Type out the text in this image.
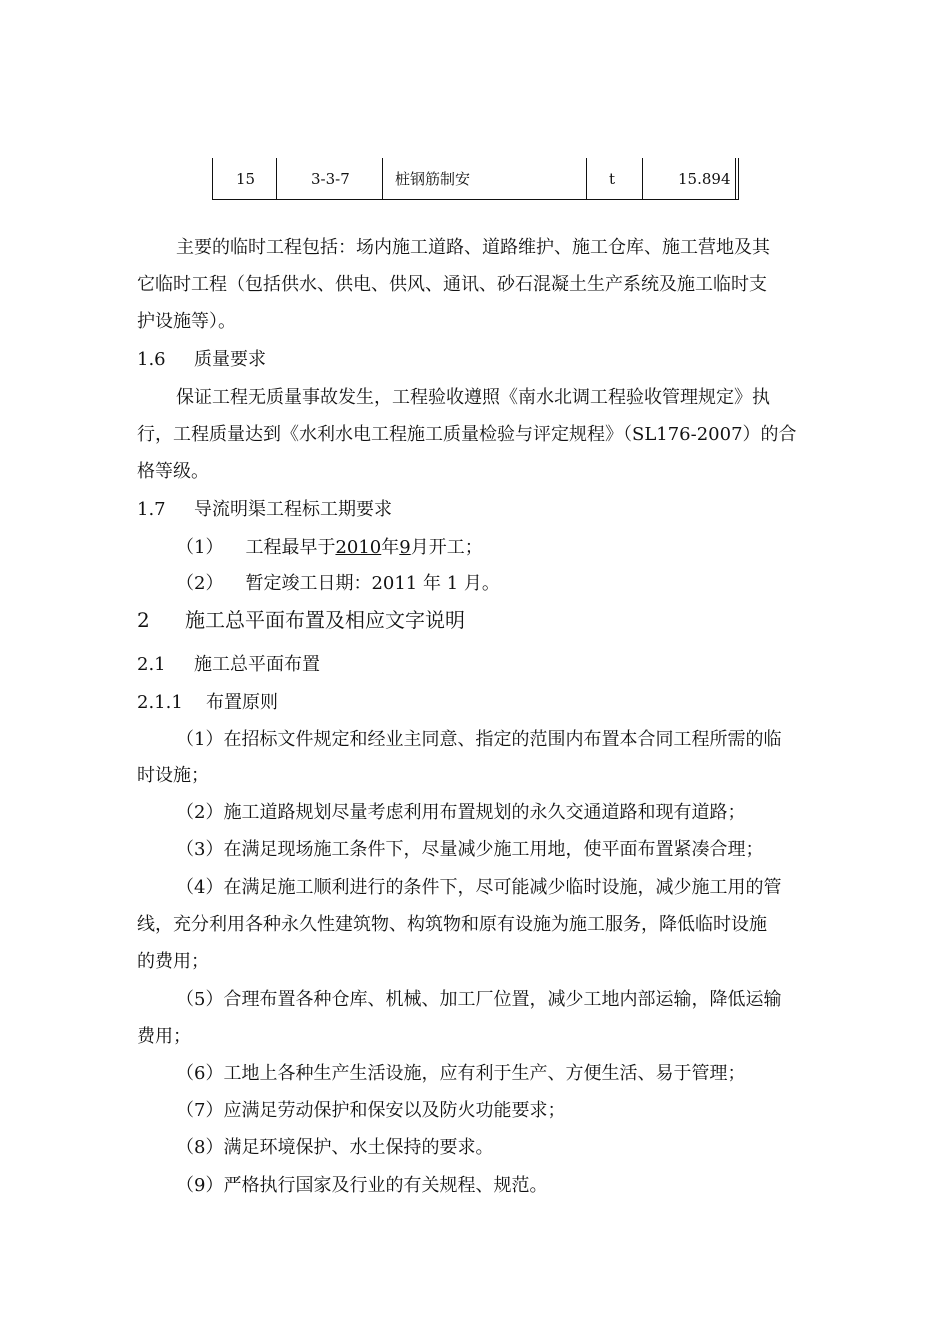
15	3-3-7	桩钢筋制安	t	15.894
主要的临时工程包括：场内施工道路、道路维护、施工仓库、施工营地及其
它临时工程（包括供水、供电、供风、通讯、砂石混凝土生产系统及施工临时支
护设施等）。
1.6 质量要求
保证工程无质量事故发生，工程验收遵照《南水北调工程验收管理规定》执
行，工程质量达到《水利水电工程施工质量检验与评定规程》（SL176-2007）的合
格等级。
1.7 导流明渠工程标工期要求
（1） 工程最早于2010年9月开工；
（2） 暂定竣工日期：2011 年 1 月。
2 施工总平面布置及相应文字说明
2.1 施工总平面布置
2.1.1 布置原则
（1）在招标文件规定和经业主同意、指定的范围内布置本合同工程所需的临
时设施；
（2）施工道路规划尽量考虑利用布置规划的永久交通道路和现有道路；
（3）在满足现场施工条件下，尽量减少施工用地，使平面布置紧凑合理；
（4）在满足施工顺利进行的条件下，尽可能减少临时设施，减少施工用的管
线，充分利用各种永久性建筑物、构筑物和原有设施为施工服务，降低临时设施
的费用；
（5）合理布置各种仓库、机械、加工厂位置，减少工地内部运输，降低运输
费用；
（6）工地上各种生产生活设施，应有利于生产、方便生活、易于管理；
（7）应满足劳动保护和保安以及防火功能要求；
（8）满足环境保护、水土保持的要求。
（9）严格执行国家及行业的有关规程、规范。
